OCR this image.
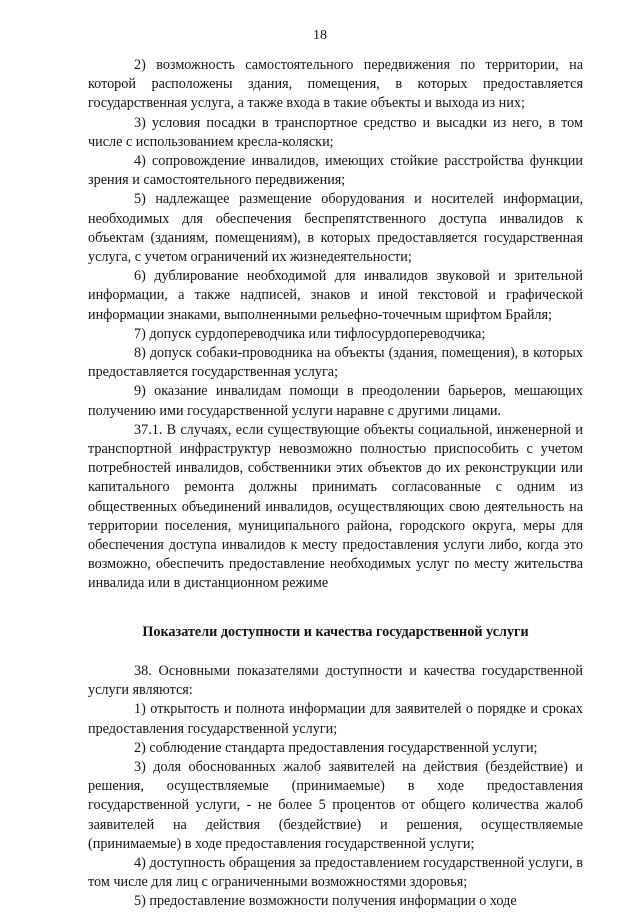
18

2) возможность самостоятельного передвижения по территории, на которой расположены здания, помещения, в которых предоставляется государственная услуга, а также входа в такие объекты и выхода из них;

3) условия посадки в транспортное средство и высадки из него, в том числе с использованием кресла-коляски;

4) сопровождение инвалидов, имеющих стойкие расстройства функции зрения и самостоятельного передвижения;

5) надлежащее размещение оборудования и носителей информации, необходимых для обеспечения беспрепятственного доступа инвалидов к объектам (зданиям, помещениям), в которых предоставляется государственная услуга, с учетом ограничений их жизнедеятельности;

6) дублирование необходимой для инвалидов звуковой и зрительной информации, а также надписей, знаков и иной текстовой и графической информации знаками, выполненными рельефно-точечным шрифтом Брайля;

7) допуск сурдопереводчика или тифлосурдопереводчика;

8) допуск собаки-проводника на объекты (здания, помещения), в которых предоставляется государственная услуга;

9) оказание инвалидам помощи в преодолении барьеров, мешающих получению ими государственной услуги наравне с другими лицами.

37.1. В случаях, если существующие объекты социальной, инженерной и транспортной инфраструктур невозможно полностью приспособить с учетом потребностей инвалидов, собственники этих объектов до их реконструкции или капитального ремонта должны принимать согласованные с одним из общественных объединений инвалидов, осуществляющих свою деятельность на территории поселения, муниципального района, городского округа, меры для обеспечения доступа инвалидов к месту предоставления услуги либо, когда это возможно, обеспечить предоставление необходимых услуг по месту жительства инвалида или в дистанционном режиме

Показатели доступности и качества государственной услуги

38. Основными показателями доступности и качества государственной услуги являются:

1) открытость и полнота информации для заявителей о порядке и сроках предоставления государственной услуги;

2) соблюдение стандарта предоставления государственной услуги;

3) доля обоснованных жалоб заявителей на действия (бездействие) и решения, осуществляемые (принимаемые) в ходе предоставления государственной услуги, - не более 5 процентов от общего количества жалоб заявителей на действия (бездействие) и решения, осуществляемые (принимаемые) в ходе предоставления государственной услуги;

4) доступность обращения за предоставлением государственной услуги, в том числе для лиц с ограниченными возможностями здоровья;

5) предоставление возможности получения информации о ходе
